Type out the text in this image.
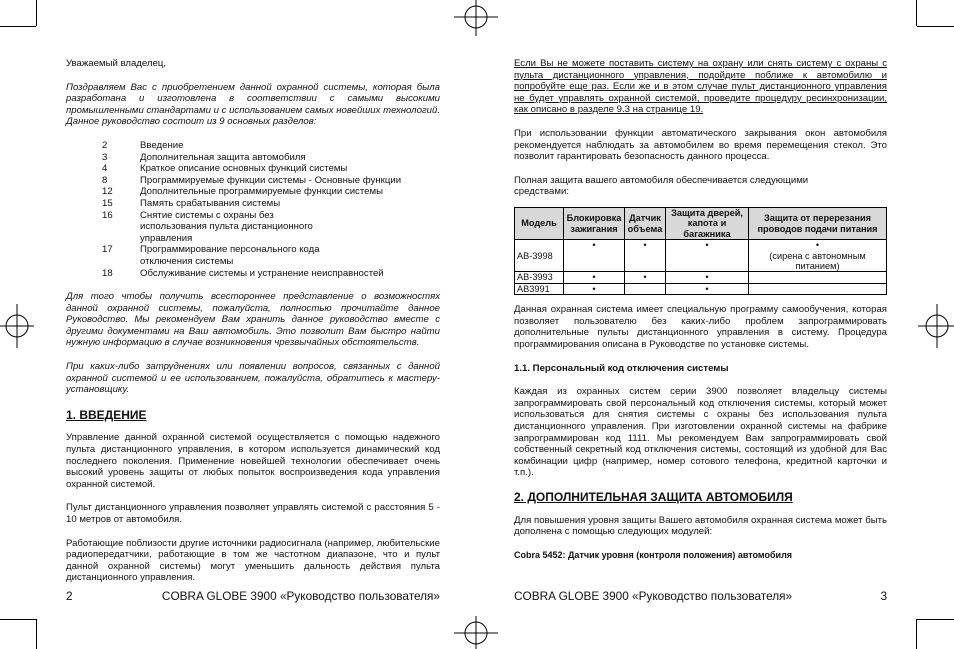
Уважаемый владелец,

Поздравляем Вас с приобретением данной охранной системы, которая была разработана и изготовлена в соответствии с самыми высокими промышленными стандартами и с использованием самых новейших технологий. Данное руководство состоит из 9 основных разделов:

2	Введение
3	Дополнительная защита автомобиля
4	Краткое описание основных функций системы
8	Программируемые функции системы - Основные функции
12	Дополнительные программируемые функции системы
15	Память срабатывания системы
16	Снятие системы с охраны без использования пульта дистанционного управления
17	Программирование персонального кода отключения системы
18	Обслуживание системы и устранение неисправностей

Для того чтобы получить всестороннее представление о возможностях данной охранной системы, пожалуйста, полностью прочитайте данное Руководство. Мы рекомендуем Вам хранить данное руководство вместе с другими документами на Ваш автомобиль. Это позволит Вам быстро найти нужную информацию в случае возникновения чрезвычайных обстоятельств.

При каких-либо затруднениях или появлении вопросов, связанных с данной охранной системой и ее использованием, пожалуйста, обратитесь к мастеру-установщику.

1. ВВЕДЕНИЕ

Управление данной охранной системой осуществляется с помощью надежного пульта дистанционного управления, в котором используется динамический код последнего поколения. Применение новейшей технологии обеспечивает очень высокий уровень защиты от любых попыток воспроизведения кода управления охранной системой.

Пульт дистанционного управления позволяет управлять системой с расстояния 5 - 10 метров от автомобиля.

Работающие поблизости другие источники радиосигнала (например, любительские радиопередатчики, работающие в том же частотном диапазоне, что и пульт данной охранной системы) могут уменьшить дальность действия пульта дистанционного управления.

2	COBRA GLOBE 3900 «Руководство пользователя»

Если Вы не можете поставить систему на охрану или снять систему с охраны с пульта дистанционного управления, подойдите поближе к автомобилю и попробуйте еще раз. Если же и в этом случае пульт дистанционного управления не будет управлять охранной системой, проведите процедуру ресинхронизации, как описано в разделе 9.3 на странице 19.

При использовании функции автоматического закрывания окон автомобиля рекомендуется наблюдать за автомобилем во время перемещения стекол. Это позволит гарантировать безопасность данного процесса.

Полная защита вашего автомобиля обеспечивается следующими средствами:

Модель	Блокировка зажигания	Датчик объема	Защита дверей, капота и багажника	Защита от перерезания проводов подачи питания
AB-3998	•	•	•	•
(сирена с автономным питанием)
AB-3993	•	•	•	
AB3991	•		•	

Данная охранная система имеет специальную программу самообучения, которая позволяет пользователю без каких-либо проблем запрограммировать дополнительные пульты дистанционного управления в систему. Процедура программирования описана в Руководстве по установке системы.

1.1. Персональный код отключения системы

Каждая из охранных систем серии 3900 позволяет владельцу системы запрограммировать свой персональный код отключения системы, который может использоваться для снятия системы с охраны без использования пульта дистанционного управления. При изготовлении охранной системы на фабрике запрограммирован код 1111. Мы рекомендуем Вам запрограммировать свой собственный секретный код отключения системы, состоящий из удобной для Вас комбинации цифр (например, номер сотового телефона, кредитной карточки и т.п.).

2. ДОПОЛНИТЕЛЬНАЯ ЗАЩИТА АВТОМОБИЛЯ

Для повышения уровня защиты Вашего автомобиля охранная система может быть дополнена с помощью следующих модулей:

Cobra 5452: Датчик уровня (контроля положения) автомобиля
COBRA GLOBE 3900 «Руководство пользователя»	3
